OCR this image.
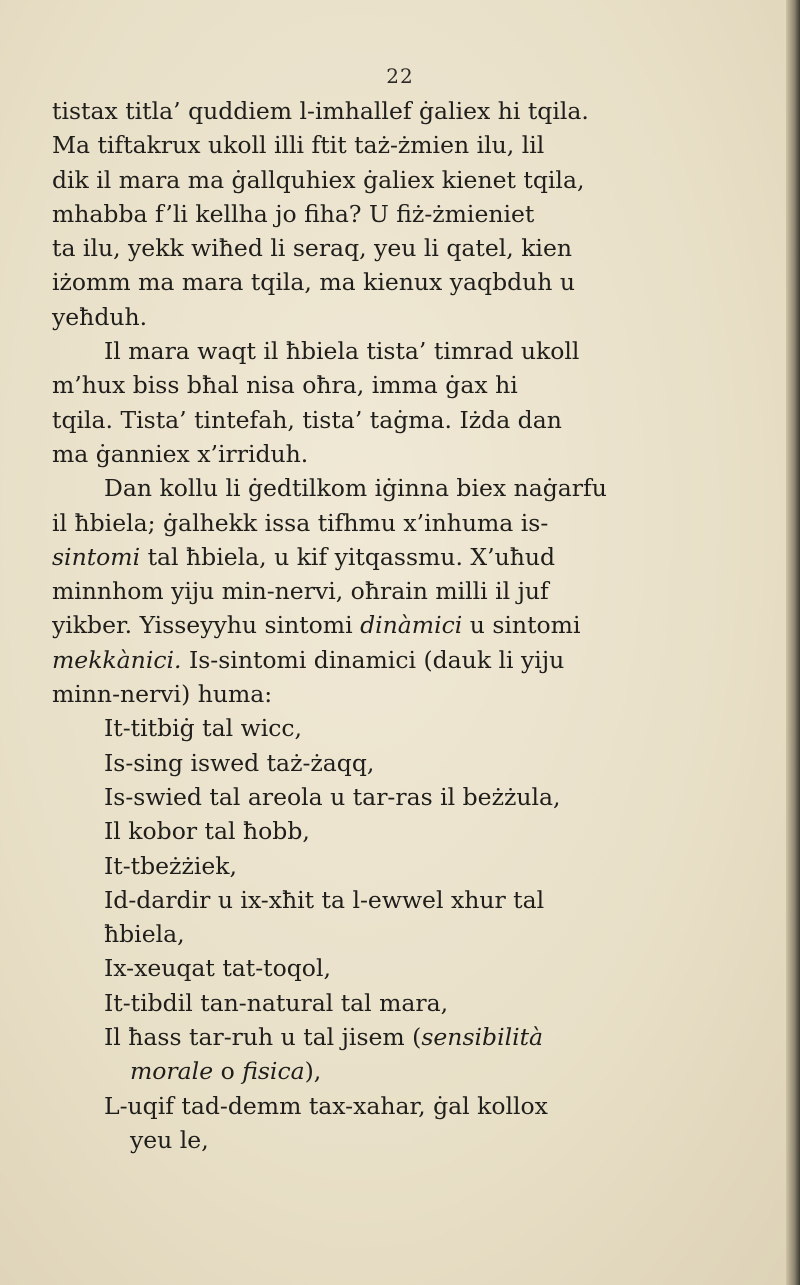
22

tistax titla’ quddiem l-imhallef ġaliex hi tqila.
Ma tiftakrux ukoll illi ftit taż-żmien ilu, lil
dik il mara ma ġallquhiex ġaliex kienet tqila,
mhabba f’li kellha jo fiha? U fiż-żmieniet
ta ilu, yekk wiħed li seraq, yeu li qatel, kien
iżomm ma mara tqila, ma kienux yaqbduh u
yeħduh.

Il mara waqt il ħbiela tista’ timrad ukoll
m’hux biss bħal nisa oħra, imma ġax hi
tqila. Tista’ tintefah, tista’ taġma. Iżda dan
ma ġanniex x’irriduh.

Dan kollu li ġedtilkom iġinna biex naġarfu
il ħbiela; ġalhekk issa tifhmu x’inhuma is-
sintomi tal ħbiela, u kif yitqassmu. X’uħud
minnhom yiju min-nervi, oħrain milli il juf
yikber. Yisseyyhu sintomi dinàmici u sintomi
mekkànici. Is-sintomi dinamici (dauk li yiju
minn-nervi) huma:

It-titbiġ tal wicc,
Is-sing iswed taż-żaqq,
Is-swied tal areola u tar-ras il beżżula,
Il kobor tal ħobb,
It-tbeżżiek,
Id-dardir u ix-xħit ta l-ewwel xhur tal
ħbiela,
Ix-xeuqat tat-toqol,
It-tibdil tan-natural tal mara,
Il ħass tar-ruh u tal jisem (sensibilità
morale o fisica),
L-uqif tad-demm tax-xahar, ġal kollox
yeu le,
